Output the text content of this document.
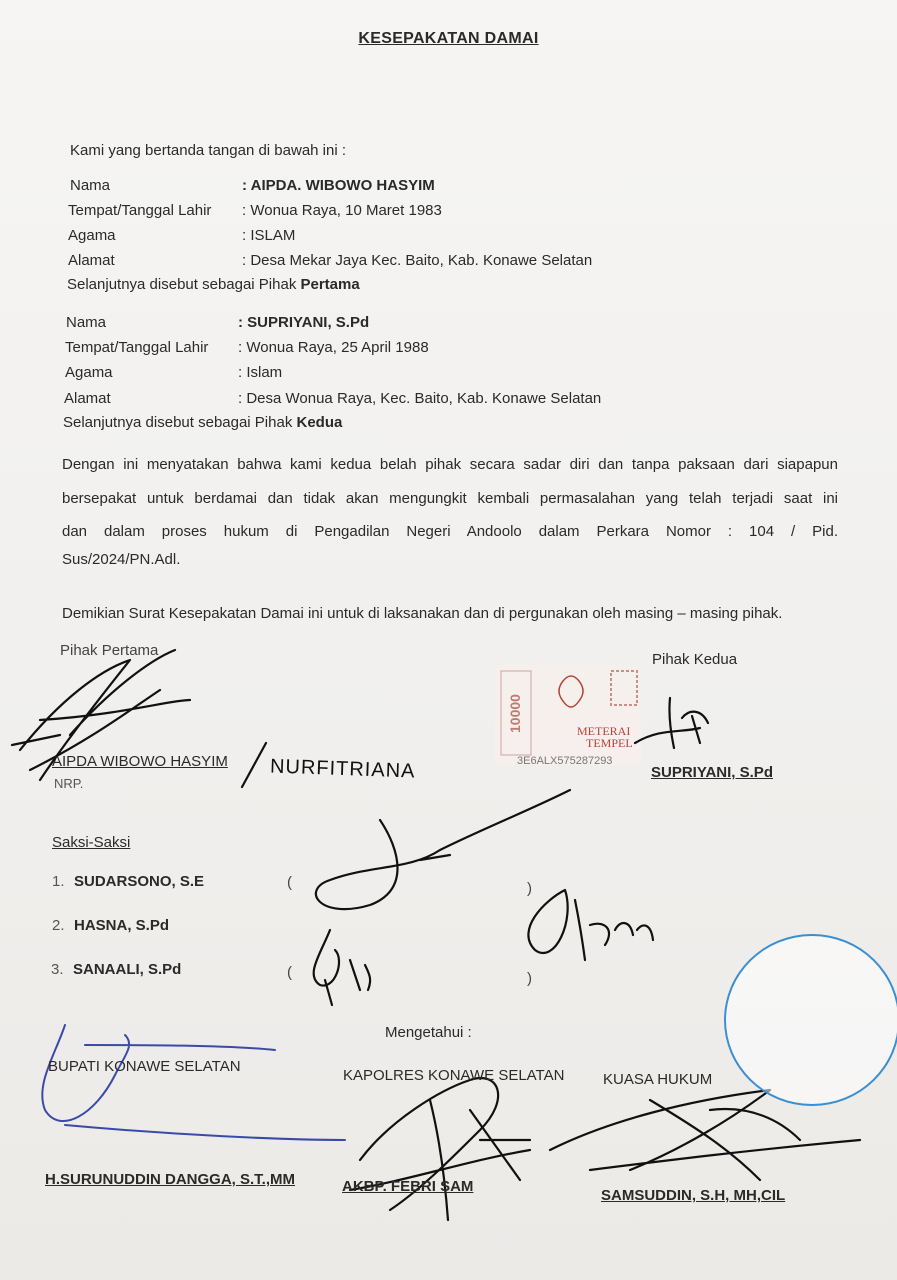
KESEPAKATAN DAMAI
Kami yang bertanda tangan di bawah ini :
Nama	: AIPDA. WIBOWO HASYIM
Tempat/Tanggal Lahir : Wonua Raya, 10 Maret 1983
Agama	: ISLAM
Alamat	: Desa Mekar Jaya Kec. Baito, Kab. Konawe Selatan
Selanjutnya disebut sebagai Pihak Pertama
Nama	: SUPRIYANI, S.Pd
Tempat/Tanggal Lahir : Wonua Raya, 25 April 1988
Agama	: Islam
Alamat	: Desa Wonua Raya, Kec. Baito, Kab. Konawe Selatan
Selanjutnya disebut sebagai Pihak Kedua
Dengan ini menyatakan bahwa kami kedua belah pihak secara sadar diri dan tanpa paksaan dari siapapun
bersepakat untuk berdamai dan tidak akan mengungkit kembali permasalahan yang telah terjadi saat ini
dan dalam proses hukum di Pengadilan Negeri Andoolo dalam Perkara Nomor : 104 / Pid.
Sus/2024/PN.Adl.
Demikian Surat Kesepakatan Damai ini untuk di laksanakan dan di pergunakan oleh masing – masing pihak.
Pihak Pertama
Pihak Kedua
AIPDA WIBOWO HASYIM
NRP.
SUPRIYANI, S.Pd
NURFITRIANA
10000	METERAI
TEMPEL
3E6ALX575287293
Saksi-Saksi
1. SUDARSONO, S.E
2. HASNA, S.Pd
3. SANAALI, S.Pd
(	)
(	)
Mengetahui :
BUPATI KONAWE SELATAN
KAPOLRES KONAWE SELATAN	KUASA HUKUM
H.SURUNUDDIN DANGGA, S.T.,MM	AKBP. FEBRI SAM
SAMSUDDIN, S.H, MH,CIL
